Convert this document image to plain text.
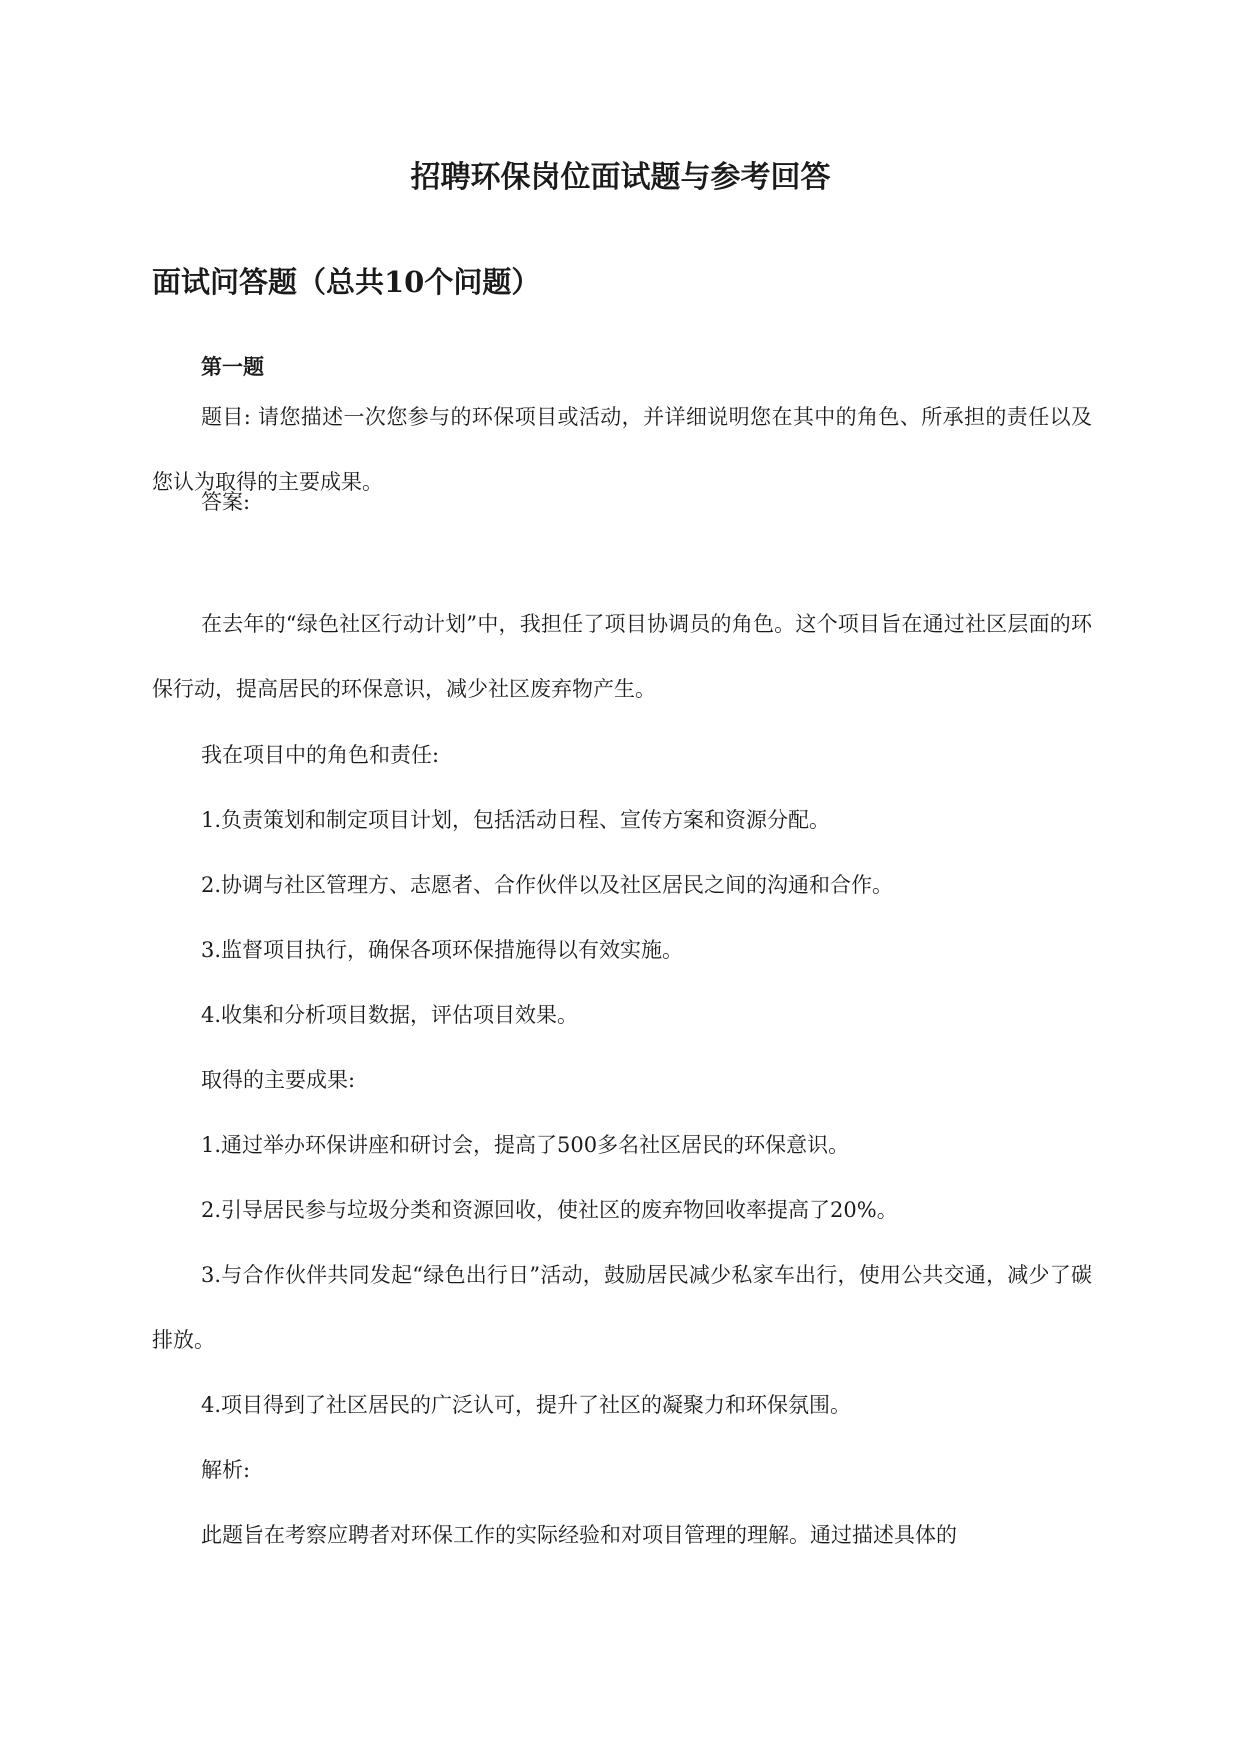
招聘环保岗位面试题与参考回答
面试问答题（总共10个问题）
第一题

题目: 请您描述一次您参与的环保项目或活动，并详细说明您在其中的角色、所承担的责任以及您认为取得的主要成果。

答案:

在去年的“绿色社区行动计划”中，我担任了项目协调员的角色。这个项目旨在通过社区层面的环保行动，提高居民的环保意识，减少社区废弃物产生。

我在项目中的角色和责任:

1.负责策划和制定项目计划，包括活动日程、宣传方案和资源分配。

2.协调与社区管理方、志愿者、合作伙伴以及社区居民之间的沟通和合作。

3.监督项目执行，确保各项环保措施得以有效实施。

4.收集和分析项目数据，评估项目效果。

取得的主要成果:

1.通过举办环保讲座和研讨会，提高了500多名社区居民的环保意识。

2.引导居民参与垃圾分类和资源回收，使社区的废弃物回收率提高了20%。

3.与合作伙伴共同发起“绿色出行日”活动，鼓励居民减少私家车出行，使用公共交通，减少了碳排放。

4.项目得到了社区居民的广泛认可，提升了社区的凝聚力和环保氛围。

解析:

此题旨在考察应聘者对环保工作的实际经验和对项目管理的理解。通过描述具体的
